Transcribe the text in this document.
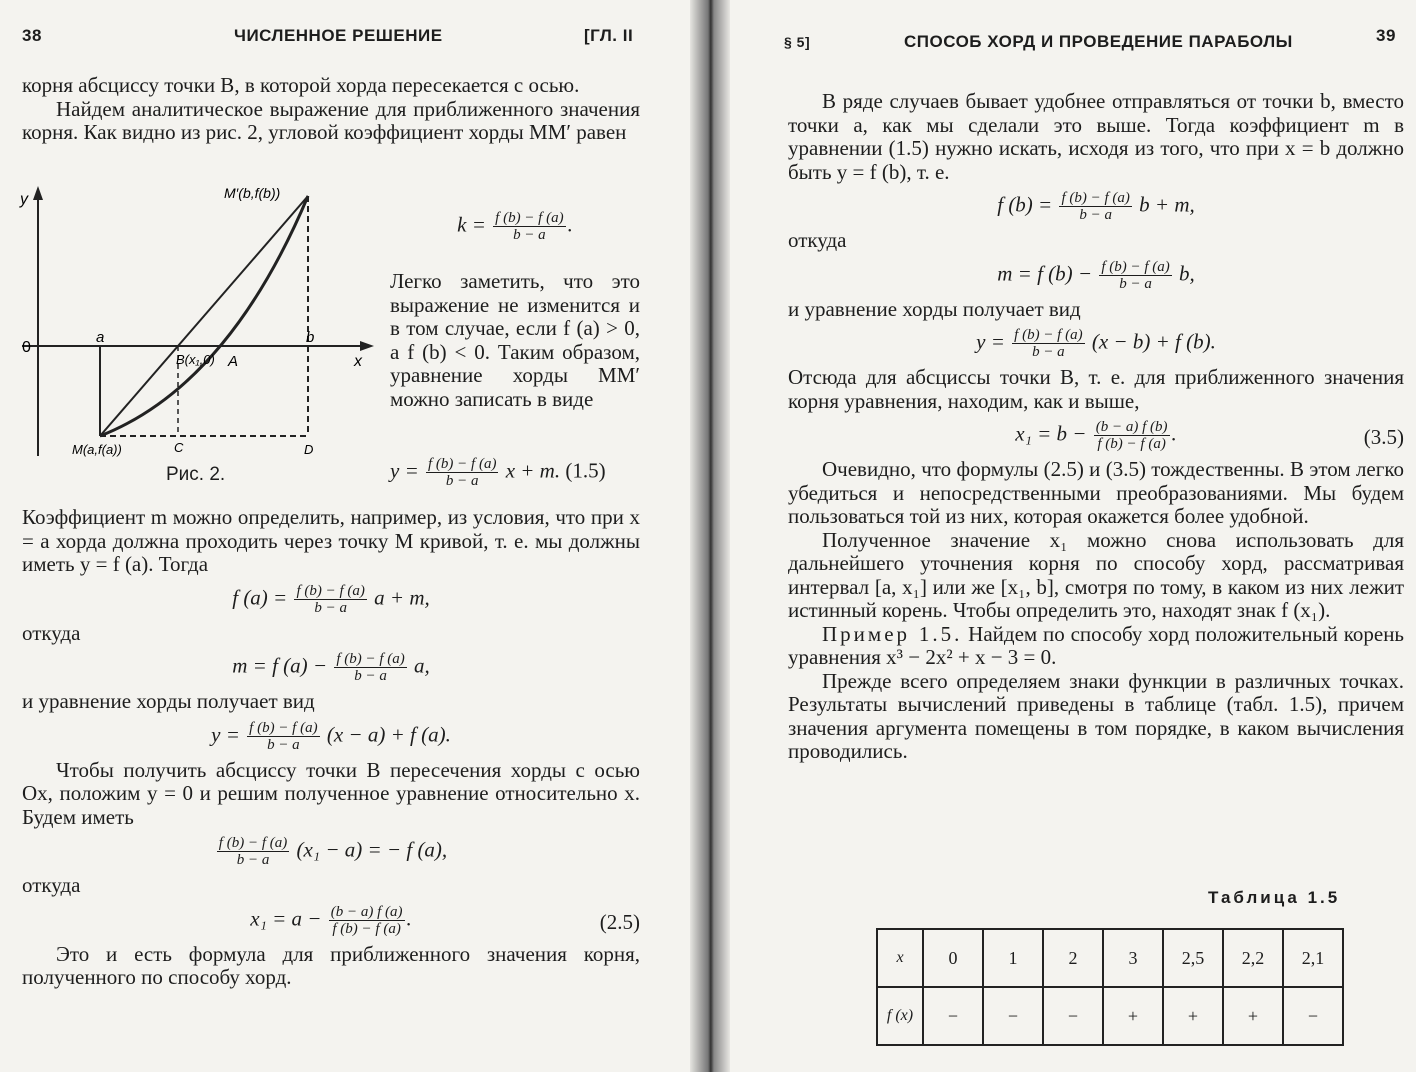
38	ЧИСЛЕННОЕ РЕШЕНИЕ	[ГЛ. II

корня абсциссу точки B, в которой хорда пересекается с осью.

Найдем аналитическое выражение для приближенного значения корня. Как видно из рис. 2, угловой коэффициент хорды MM′ равен

y
x
0
a	b
B(x₁,0) A
M(a,f(a))
M′(b,f(b))
C	D
Рис. 2.
$k = \frac{f (b) - f (a)}{b - a}$ .

Легко заметить, что это выражение не изменится и в том случае, если f (a) > 0, а f (b) < 0. Таким образом, уравнение хорды MM′ можно записать в виде

$y = \frac{f (b) - f (a)}{b - a}$ x + m. (1.5)

Коэффициент m можно определить, например, из условия, что при x = a хорда должна проходить через точку M кривой, т. е. мы должны иметь y = f (a). Тогда

f $(a) = \frac{f (b) - f (a)}{b - a}$ a + m,

откуда

m = f $(a) - \frac{f (b) - f (a)}{b - a} a$,

и уравнение хорды получает вид

$y = \frac{f (b) - f (a)}{b - a} (x - a) + f$ (a).

Чтобы получить абсциссу точки B пересечения хорды с осью Ox, положим y = 0 и решим полученное уравнение относительно x. Будем иметь

$\frac{f (b) - f (a)}{b - a} (x_1 - a)$ = − f (a),

откуда

$x_1 = a - \frac{(b - a) f (a)}{f (b) - f (a)}$ .	(2.5)

Это и есть формула для приближенного значения корня, полученного по способу хорд.

§ 5]	СПОСОБ ХОРД И ПРОВЕДЕНИЕ ПАРАБОЛЫ	39

В ряде случаев бывает удобнее отправляться от точки b, вместо точки a, как мы сделали это выше. Тогда коэффициент m в уравнении (1.5) нужно искать, исходя из того, что при x = b должно быть y = f (b), т. е.

f $(b) = \frac{f (b) - f (a)}{b - a}$ b + m,

откуда

m = f $(b) - \frac{f (b) - f (a)}{b - a} b$,

и уравнение хорды получает вид

$y = \frac{f (b) - f (a)}{b - a} (x - b) + f$ (b).

Отсюда для абсциссы точки B, т. е. для приближенного значения корня уравнения, находим, как и выше,

$x_1 = b - \frac{(b - a) f (b)}{f (b) - f (a)}$ .	(3.5)

Очевидно, что формулы (2.5) и (3.5) тождественны. В этом легко убедиться и непосредственными преобразованиями. Мы будем пользоваться той из них, которая окажется более удобной.

Полученное значение x₁ можно снова использовать для дальнейшего уточнения корня по способу хорд, рассматривая интервал [a, x₁] или же [x₁, b], смотря по тому, в каком из них лежит истинный корень. Чтобы определить это, находят знак f (x₁).

Пример 1.5. Найдем по способу хорд положительный корень уравнения x³ − 2x² + x − 3 = 0.

Прежде всего определяем знаки функции в различных точках. Результаты вычислений приведены в таблице (табл. 1.5), причем значения аргумента помещены в том порядке, в каком вычисления проводились.

Таблица 1.5
x	0	1	2	3	2,5	2,2	2,1
f (x)	−	−	−	+	+	+	−
